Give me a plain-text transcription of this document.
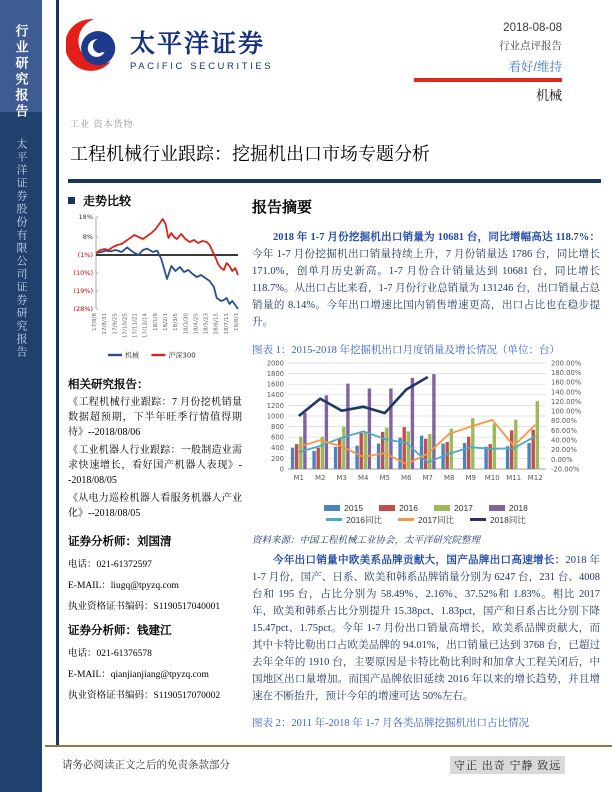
行业研究报告
太平洋证券股份有限公司证券研究报告
太平洋证券
PACIFIC SECURITIES
2018-08-08
行业点评报告
看好/维持
机械
工业 资本货物
工程机械行业跟踪：挖掘机出口市场专题分析
走势比较
18%
8%
(1%)
(10%)
(19%)
(28%)
17/8/8 17/8/31 17/9/25 17/10/25 17/11/21 17/12/14 18/1/9 18/2/1 18/3/5 18/3/30 18/4/25 18/5/23 18/6/15 18/7/11 18/8/3
机械	沪深300
相关研究报告：
《工程机械行业跟踪：7 月份挖机销量数据超预期，下半年旺季行情值得期待》--2018/08/06
《工业机器人行业跟踪：一般制造业需求快速增长，看好国产机器人表现》--2018/08/05
《从电力巡检机器人看服务机器人产业化》--2018/08/05
证券分析师：刘国清
电话：021-61372597
E-MAIL：liugq@tpyzq.com
执业资格证书编码：S1190517040001
证券分析师：钱建江
电话：021-61376578
E-MAIL：qianjianjiang@tpyzq.com
执业资格证书编码：S1190517070002
报告摘要

2018 年 1-7 月份挖掘机出口销量为 10681 台，同比增幅高达 118.7%：今年 1-7 月份挖掘机出口销量持续上升，7 月份销量达 1786 台，同比增长 171.0%，创单月历史新高。1-7 月份合计销量达到 10681 台，同比增长 118.7%。从出口占比来看，1-7 月份行业总销量为 131246 台，出口销量占总销量的 8.14%。今年出口增速比国内销售增速更高，出口占比也在稳步提升。

图表 1：2015-2018 年挖掘机出口月度销量及增长情况（单位：台）
0
200
400
600
800
1000
1200
1400
1600
1800
2000
-20.00%
0.00%
20.00%
40.00%
60.00%
80.00%
100.00%
120.00%
140.00%
160.00%
180.00%
200.00%
M1 M2 M3 M4 M5 M6 M7 M8 M9 M10 M11 M12
2015	2016	2017	2018
2016同比	2017同比	2018同比
资料来源：中国工程机械工业协会，太平洋研究院整理

今年出口销量中欧美系品牌贡献大，国产品牌出口高速增长：2018 年 1-7 月份，国产、日系、欧美和韩系品牌销量分别为 6247 台，231 台、4008 台和 195 台，占比分别为 58.49%、2.16%、37.52%和 1.83%。相比 2017 年，欧美和韩系占比分别提升 15.38pct、1.83pct，国产和日系占比分别下降 15.47pct、1.75pct。今年 1-7 月份出口销量高增长，欧美系品牌贡献大，而其中卡特比勒出口占欧美品牌的 94.01%，出口销量已达到 3768 台，已超过去年全年的 1910 台，主要原因是卡特比勒比利时和加拿大工程关闭后，中国地区出口量增加。而国产品牌依旧延续 2016 年以来的增长趋势，并且增速在不断抬升，预计今年的增速可达 50%左右。

图表 2：2011 年-2018 年 1-7 月各类品牌挖掘机出口占比情况
请务必阅读正文之后的免责条款部分	守正 出奇 宁静 致远
